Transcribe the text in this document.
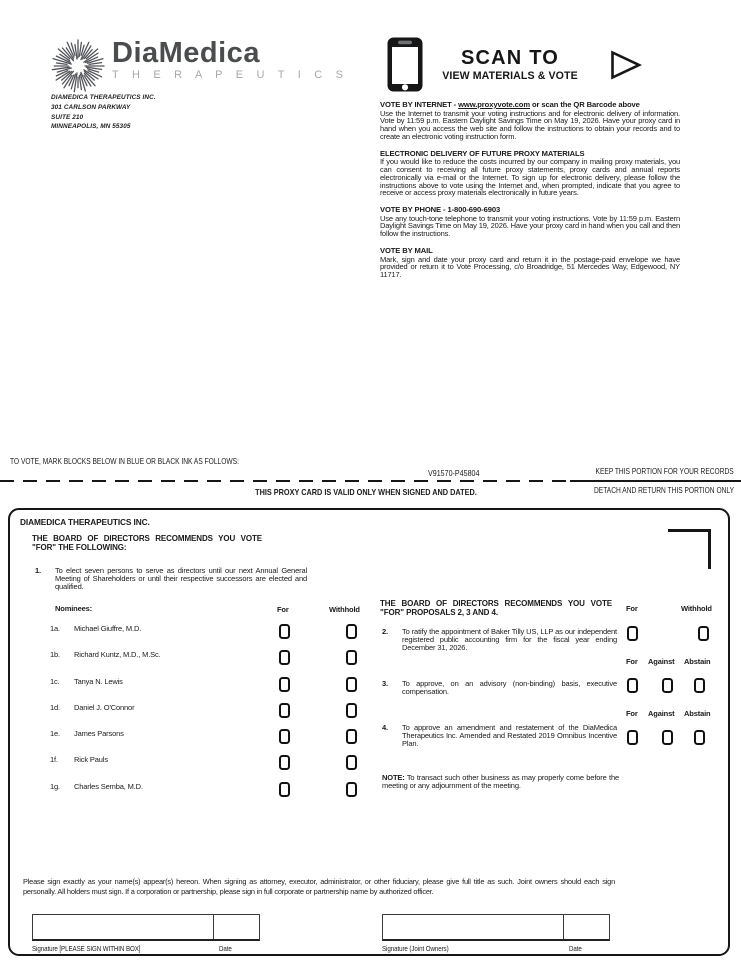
DiaMedica
T H E R A P E U T I C S
DIAMEDICA THERAPEUTICS INC.
301 CARLSON PARKWAY
SUITE 210
MINNEAPOLIS, MN 55305
SCAN TO
VIEW MATERIALS & VOTE
VOTE BY INTERNET - www.proxyvote.com or scan the QR Barcode above

Use the Internet to transmit your voting instructions and for electronic delivery of information. Vote by 11:59 p.m. Eastern Daylight Savings Time on May 19, 2026. Have your proxy card in hand when you access the web site and follow the instructions to obtain your records and to create an electronic voting instruction form.

ELECTRONIC DELIVERY OF FUTURE PROXY MATERIALS

If you would like to reduce the costs incurred by our company in mailing proxy materials, you can consent to receiving all future proxy statements, proxy cards and annual reports electronically via e-mail or the Internet. To sign up for electronic delivery, please follow the instructions above to vote using the Internet and, when prompted, indicate that you agree to receive or access proxy materials electronically in future years.

VOTE BY PHONE - 1-800-690-6903

Use any touch-tone telephone to transmit your voting instructions. Vote by 11:59 p.m. Eastern Daylight Savings Time on May 19, 2026. Have your proxy card in hand when you call and then follow the instructions.

VOTE BY MAIL

Mark, sign and date your proxy card and return it in the postage-paid envelope we have provided or return it to Vote Processing, c/o Broadridge, 51 Mercedes Way, Edgewood, NY 11717.

TO VOTE, MARK BLOCKS BELOW IN BLUE OR BLACK INK AS FOLLOWS:
V91570-P45804	KEEP THIS PORTION FOR YOUR RECORDS
THIS PROXY CARD IS VALID ONLY WHEN SIGNED AND DATED.	DETACH AND RETURN THIS PORTION ONLY
DIAMEDICA THERAPEUTICS INC.
THE BOARD OF DIRECTORS RECOMMENDS YOU VOTE "FOR" THE FOLLOWING:
1. To elect seven persons to serve as directors until our next Annual General Meeting of Shareholders or until their respective successors are elected and qualified.
Nominees:	For	Withhold
1a. Michael Giuffre, M.D.
1b. Richard Kuntz, M.D., M.Sc.
1c. Tanya N. Lewis
1d. Daniel J. O'Connor
1e. James Parsons
1f. Rick Pauls
1g. Charles Semba, M.D.
THE BOARD OF DIRECTORS RECOMMENDS YOU VOTE "FOR" PROPOSALS 2, 3 AND 4.	For	Withhold
2. To ratify the appointment of Baker Tilly US, LLP as our independent registered public accounting firm for the fiscal year ending December 31, 2026.
For Against Abstain
3. To approve, on an advisory (non-binding) basis, executive compensation.
For Against Abstain
4. To approve an amendment and restatement of the DiaMedica Therapeutics Inc. Amended and Restated 2019 Omnibus Incentive Plan.
NOTE: To transact such other business as may properly come before the meeting or any adjournment of the meeting.
Please sign exactly as your name(s) appear(s) hereon. When signing as attorney, executor, administrator, or other fiduciary, please give full title as such. Joint owners should each sign personally. All holders must sign. If a corporation or partnership, please sign in full corporate or partnership name by authorized officer.
Signature [PLEASE SIGN WITHIN BOX]	Date	Signature (Joint Owners)	Date
